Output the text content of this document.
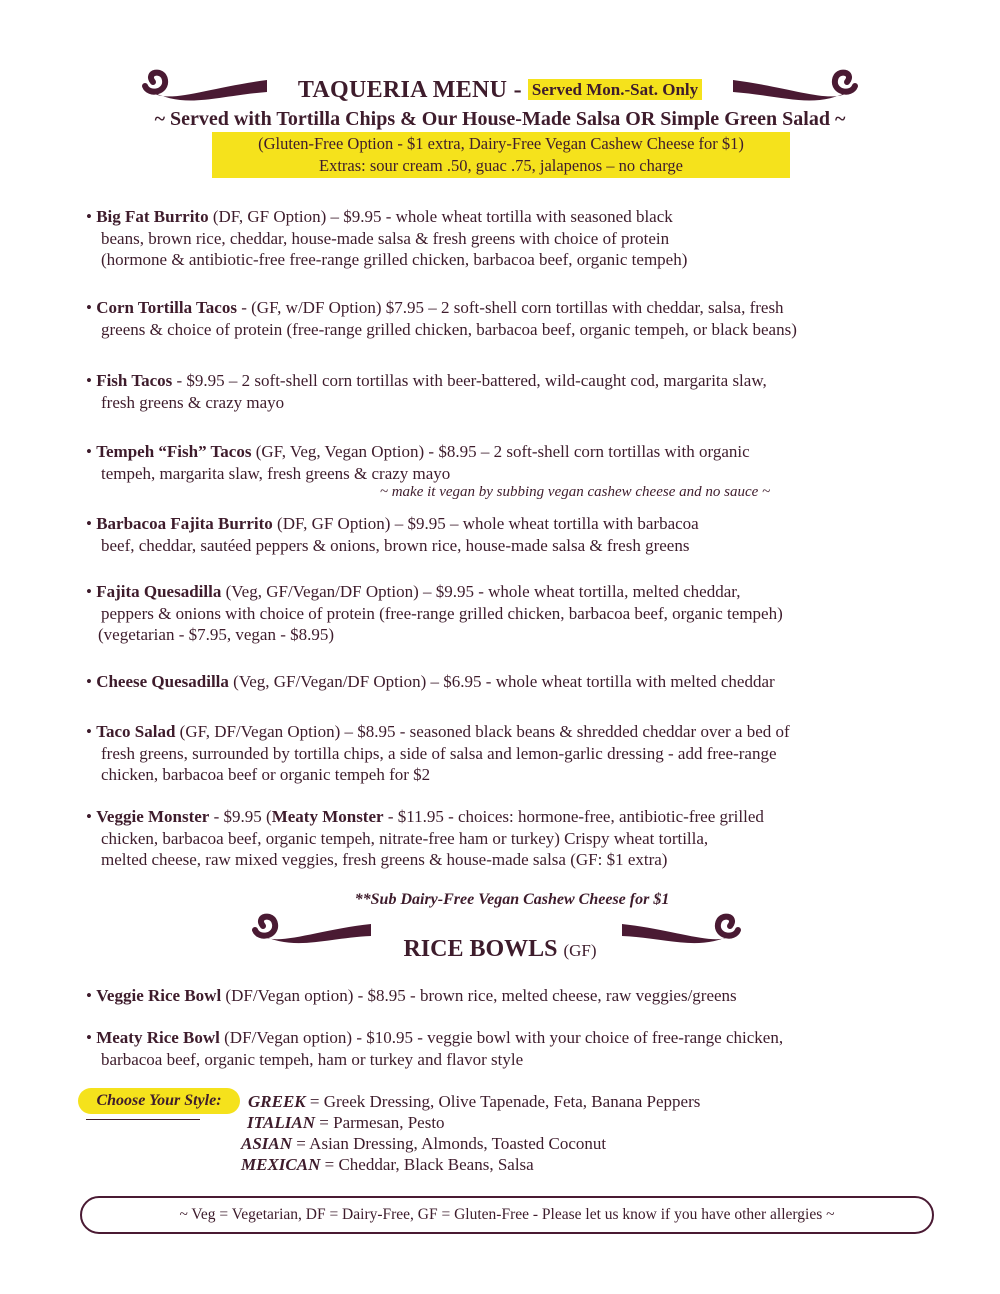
TAQUERIA MENU - Served Mon.-Sat. Only
~ Served with Tortilla Chips & Our House-Made Salsa OR Simple Green Salad ~
(Gluten-Free Option - $1 extra, Dairy-Free Vegan Cashew Cheese for $1)
Extras: sour cream .50, guac .75, jalapenos – no charge
• Big Fat Burrito (DF, GF Option) – $9.95 - whole wheat tortilla with seasoned black
beans, brown rice, cheddar, house-made salsa & fresh greens with choice of protein
(hormone & antibiotic-free free-range grilled chicken, barbacoa beef, organic tempeh)
• Corn Tortilla Tacos - (GF, w/DF Option) $7.95 – 2 soft-shell corn tortillas with cheddar, salsa, fresh
greens & choice of protein (free-range grilled chicken, barbacoa beef, organic tempeh, or black beans)
• Fish Tacos - $9.95 – 2 soft-shell corn tortillas with beer-battered, wild-caught cod, margarita slaw,
fresh greens & crazy mayo
• Tempeh “Fish” Tacos (GF, Veg, Vegan Option) - $8.95 – 2 soft-shell corn tortillas with organic
tempeh, margarita slaw, fresh greens & crazy mayo
~ make it vegan by subbing vegan cashew cheese and no sauce ~
• Barbacoa Fajita Burrito (DF, GF Option) – $9.95 – whole wheat tortilla with barbacoa
beef, cheddar, sautéed peppers & onions, brown rice, house-made salsa & fresh greens
• Fajita Quesadilla (Veg, GF/Vegan/DF Option) – $9.95 - whole wheat tortilla, melted cheddar,
peppers & onions with choice of protein (free-range grilled chicken, barbacoa beef, organic tempeh)
(vegetarian - $7.95, vegan - $8.95)
• Cheese Quesadilla (Veg, GF/Vegan/DF Option) – $6.95 - whole wheat tortilla with melted cheddar
• Taco Salad (GF, DF/Vegan Option) – $8.95 - seasoned black beans & shredded cheddar over a bed of
fresh greens, surrounded by tortilla chips, a side of salsa and lemon-garlic dressing - add free-range
chicken, barbacoa beef or organic tempeh for $2
• Veggie Monster - $9.95 (Meaty Monster - $11.95 - choices: hormone-free, antibiotic-free grilled
chicken, barbacoa beef, organic tempeh, nitrate-free ham or turkey) Crispy wheat tortilla,
melted cheese, raw mixed veggies, fresh greens & house-made salsa (GF: $1 extra)
**Sub Dairy-Free Vegan Cashew Cheese for $1
RICE BOWLS (GF)
• Veggie Rice Bowl (DF/Vegan option) - $8.95 - brown rice, melted cheese, raw veggies/greens
• Meaty Rice Bowl (DF/Vegan option) - $10.95 - veggie bowl with your choice of free-range chicken,
barbacoa beef, organic tempeh, ham or turkey and flavor style
Choose Your Style:	GREEK = Greek Dressing, Olive Tapenade, Feta, Banana Peppers
ITALIAN = Parmesan, Pesto
ASIAN = Asian Dressing, Almonds, Toasted Coconut
MEXICAN = Cheddar, Black Beans, Salsa
~ Veg = Vegetarian, DF = Dairy-Free, GF = Gluten-Free - Please let us know if you have other allergies ~
